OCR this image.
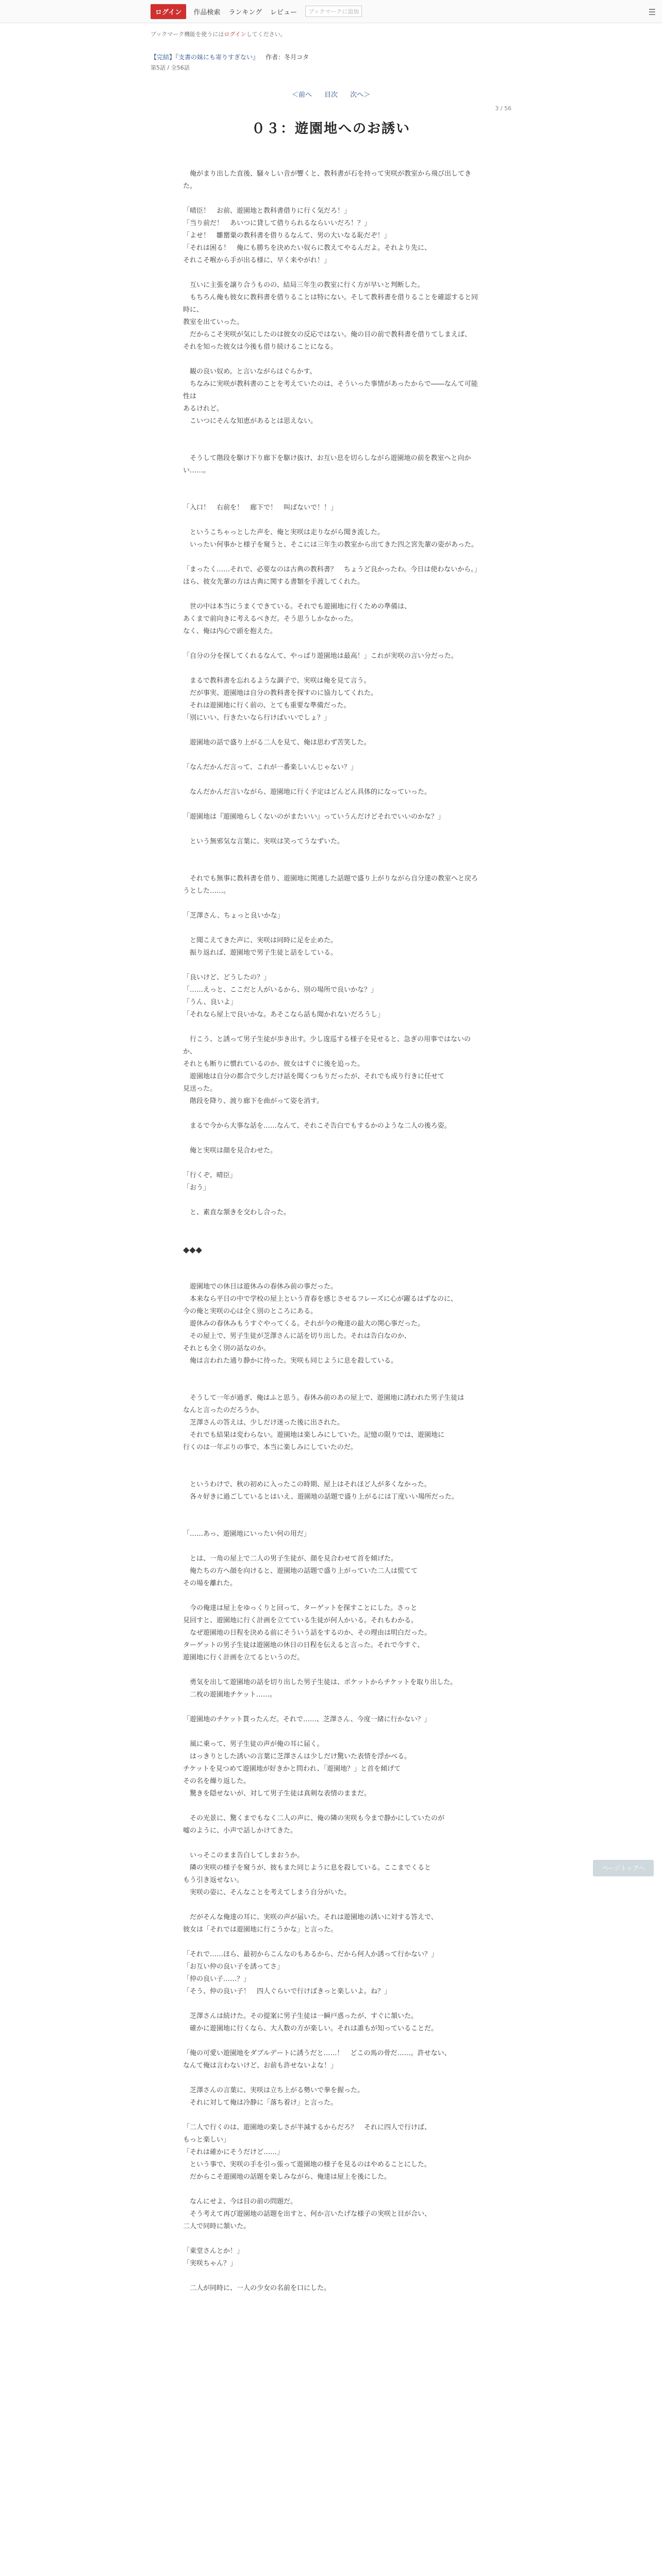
ログイン	作品検索 ランキング レビュー	ブックマークに追加	☰
ブックマーク機能を使うにはログインしてください。
【完結】『支書の妹にも寄りすぎない』 作者：冬月コタ
第5話 / 全56話
＜前へ 目次 次へ＞
3 / 56
０３：遊園地へのお誘い

　俺がまり出した直後、騒々しい音が響くと、教科書が石を持って実咲が教室から飛び出してきた。

「晴臣！　お前、遊園地と教科書借りに行く気だろ！」

「当り前だ！　あいつに貸して借りられるならいいだろ！？」

「よせ！　雛罌粟の教科書を借りるなんて、男の大いなる恥だぞ！」

「それは困る！　俺にも勝ちを決めたい奴らに教えてやるんだよ。それより先に、

それこそ喉から手が出る様に、早く来やがれ！」

　互いに主張を譲り合うものの、結局三年生の教室に行く方が早いと判断した。

　もちろん俺も彼女に教科書を借りることは特にない。そして教科書を借りることを確認すると同時に、

教室を出ていった。

　だからこそ実咲が気にしたのは彼女の反応ではない。俺の目の前で教科書を借りてしまえば、

それを知った彼女は今後も借り続けることになる。

　観の良い奴め。と言いながらはぐらかす。

　ちなみに実咲が教科書のことを考えていたのは、そういった事情があったからで――なんて可能性は

あるけれど。

　こいつにそんな知恵があるとは思えない。

　そうして階段を駆け下り廊下を駆け抜け、お互い息を切らしながら遊園地の前を教室へと向かい……。

「入口！　右前を！　廊下で！　叫ばないで！！」

　というこちゃっとした声を、俺と実咲は走りながら聞き流した。

　いったい何事かと様子を窺うと、そこには三年生の教室から出てきた四之宮先輩の姿があった。

「まったく……それで、必要なのは古典の教科書？　ちょうど良かったわ。今日は使わないから。」

ほら、彼女先輩の方は古典に関する書類を手渡してくれた。

　世の中は本当にうまくできている。それでも遊園地に行くための準備は、

あくまで前向きに考えるべきだ。そう思うしかなかった。

なく、俺は内心で頭を抱えた。

「自分の分を探してくれるなんて、やっぱり遊園地は最高！」これが実咲の言い分だった。

　まるで教科書を忘れるような調子で、実咲は俺を見て言う。

　だが事実、遊園地は自分の教科書を探すのに協力してくれた。

　それは遊園地に行く前の、とても重要な準備だった。

「別にいい、行きたいなら行けばいいでしょ？」

　遊園地の話で盛り上がる二人を見て、俺は思わず苦笑した。

「なんだかんだ言って、これが一番楽しいんじゃない？」

　なんだかんだ言いながら、遊園地に行く予定はどんどん具体的になっていった。

「遊園地は『遊園地らしくないのがまたいい』っていうんだけどそれでいいのかな？」

　という無邪気な言葉に、実咲は笑ってうなずいた。

　それでも無事に教科書を借り、遊園地に関連した話題で盛り上がりながら自分達の教室へと戻ろうとした……。

「芝澤さん、ちょっと良いかな」

　と聞こえてきた声に、実咲は同時に足を止めた。

　振り返れば、遊園地で男子生徒と話をしている。

「良いけど、どうしたの？」

「……えっと、ここだと人がいるから、別の場所で良いかな？」

「うん、良いよ」

「それなら屋上で良いかな。あそこなら話も聞かれないだろうし」

　行こう、と誘って男子生徒が歩き出す。少し逡巡する様子を見せると、急ぎの用事ではないのか、

それとも断りに慣れているのか、彼女はすぐに後を追った。

　遊園地は自分の都合で少しだけ話を聞くつもりだったが、それでも成り行きに任せて

見送った。

　階段を降り、渡り廊下を曲がって姿を消す。

　まるで今から大事な話を……なんて、それこそ告白でもするかのような二人の後ろ姿。

　俺と実咲は顔を見合わせた。

「行くぞ、晴臣」

「おう」

　と、素直な頷きを交わし合った。

◆◆◆

　遊園地での休日は遊休みの春休み前の事だった。

　本来なら平日の中で学校の屋上という青春を感じさせるフレーズに心が躍るはずなのに、

今の俺と実咲の心は全く別のところにある。

　遊休みの春休みもうすぐやってくる。それが今の俺達の最大の関心事だった。

　その屋上で、男子生徒が芝澤さんに話を切り出した。それは告白なのか、

それとも全く別の話なのか。

　俺は言われた通り静かに待った。実咲も同じように息を殺している。

　そうして一年が過ぎ、俺はふと思う。春休み前のあの屋上で、遊園地に誘われた男子生徒は

なんと言ったのだろうか。

　芝澤さんの答えは、少しだけ迷った後に出された。

　それでも結果は変わらない。遊園地は楽しみにしていた。記憶の限りでは、遊園地に

行くのは一年ぶりの事で、本当に楽しみにしていたのだ。

　というわけで、秋の初めに入ったこの時期、屋上はそれほど人が多くなかった。

　各々好きに過ごしているとはいえ、遊園地の話題で盛り上がるには丁度いい場所だった。

「……あっ、遊園地にいったい何の用だ」

　とは、一角の屋上で二人の男子生徒が、顔を見合わせて首を傾げた。

　俺たちの方へ顔を向けると、遊園地の話題で盛り上がっていた二人は慌てて

その場を離れた。

　今の俺達は屋上をゆっくりと回って、ターゲットを探すことにした。さっと

見回すと、遊園地に行く計画を立てている生徒が何人かいる。それもわかる。

　なぜ遊園地の日程を決める前にそういう話をするのか、その理由は明白だった。

ターゲットの男子生徒は遊園地の休日の日程を伝えると言った。それで今すぐ、

遊園地に行く計画を立てるというのだ。

　勇気を出して遊園地の話を切り出した男子生徒は、ポケットからチケットを取り出した。

　二枚の遊園地チケット……。

「遊園地のチケット貰ったんだ。それで……、芝澤さん、今度一緒に行かない？」

　風に乗って、男子生徒の声が俺の耳に届く。

　はっきりとした誘いの言葉に芝澤さんは少しだけ驚いた表情を浮かべる。

チケットを見つめて遊園地が好きかと問われ、「遊園地？」と首を傾げて

その名を繰り返した。

　驚きを隠せないが、対して男子生徒は真剣な表情のままだ。

　その光景に、驚くまでもなく二人の声に、俺の隣の実咲も今まで静かにしていたのが

嘘のように、小声で話しかけてきた。

　いっそこのまま告白してしまおうか。

　隣の実咲の様子を窺うが、彼もまた同じように息を殺している。ここまでくると

もう引き返せない。

　実咲の姿に、そんなことを考えてしまう自分がいた。

　だがそんな俺達の耳に、実咲の声が届いた。それは遊園地の誘いに対する答えで、

彼女は「それでは遊園地に行こうかな」と言った。

「それで……ほら、最初からこんなのもあるから、だから何人か誘って行かない？」

「お互い仲の良い子を誘ってさ」

「仲の良い子……？」

「そう、仲の良い子！　四人ぐらいで行けばきっと楽しいよ。ね？」

　芝澤さんは続けた。その提案に男子生徒は一瞬戸惑ったが、すぐに頷いた。

　確かに遊園地に行くなら、大人数の方が楽しい。それは誰もが知っていることだ。

「俺の可愛い遊園地をダブルデートに誘うだと……！　どこの馬の骨だ……。許せない、

なんて俺は言わないけど、お前も許せないよな！」

　芝澤さんの言葉に、実咲は立ち上がる勢いで拳を握った。

　それに対して俺は冷静に「落ち着け」と言った。

「二人で行くのは、遊園地の楽しさが半減するからだろ？　それに四人で行けば、

もっと楽しい」

「それは確かにそうだけど……」

　という事で、実咲の手を引っ張って遊園地の様子を見るのはやめることにした。

　だからこそ遊園地の話題を楽しみながら、俺達は屋上を後にした。

　なんにせよ、今は目の前の問題だ。

　そう考えて再び遊園地の話題を出すと、何か言いたげな様子の実咲と目が合い、

二人で同時に頷いた。

「東堂さんとか！」

「実咲ちゃん？」

　二人が同時に、一人の少女の名前を口にした。

ページトップへ
